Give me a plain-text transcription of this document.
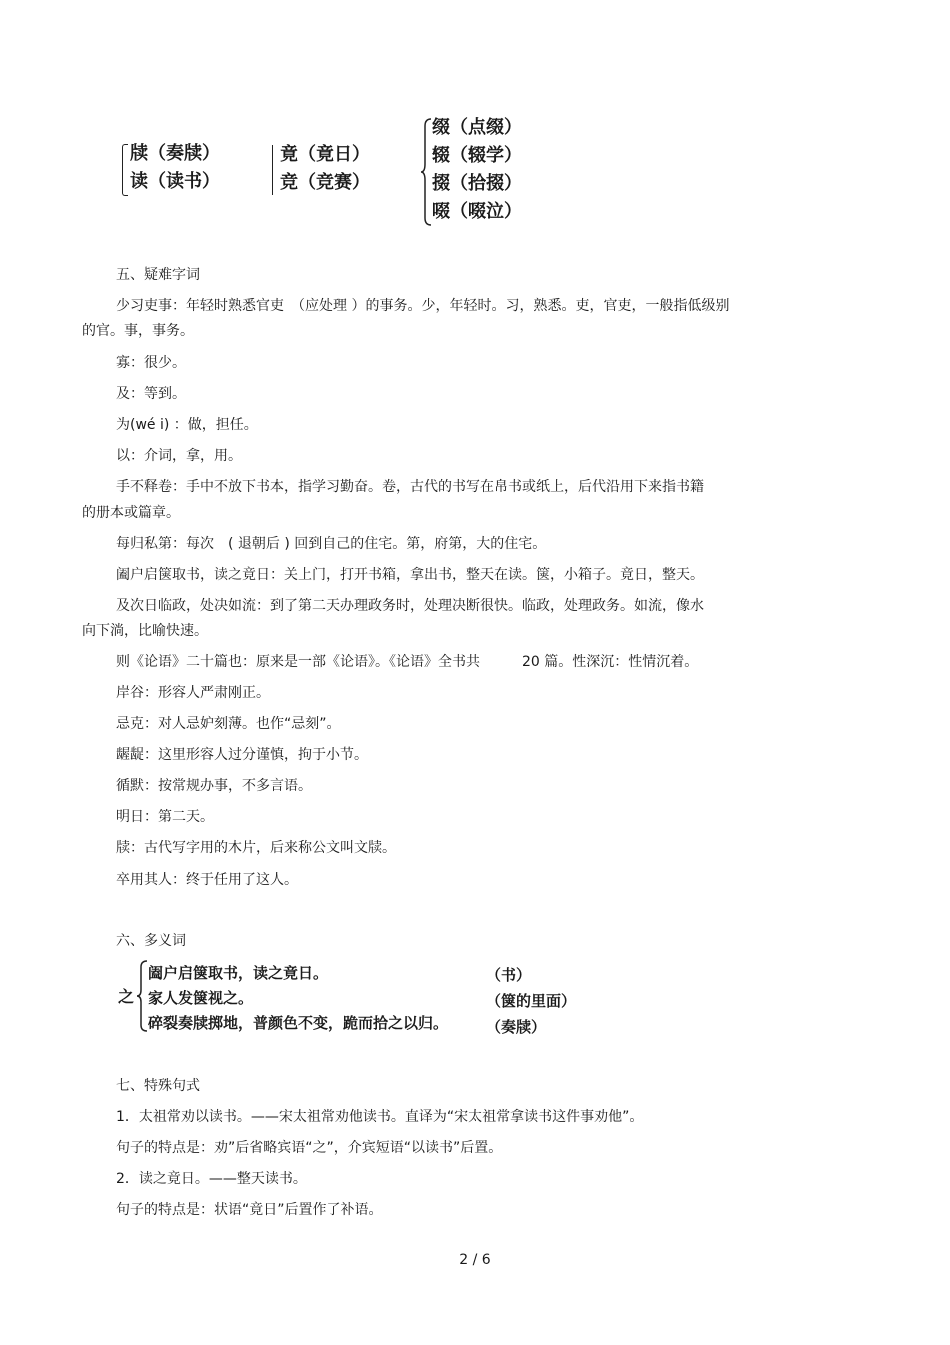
牍（奏牍）
读（读书）
竟（竟日）
竞（竞赛）
缀（点缀）
辍（辍学）
掇（拾掇）
啜（啜泣）
五、疑难字词
少习吏事：年轻时熟悉官吏　（应处理 ）的事务。少，年轻时。习，熟悉。吏，官吏，一般指低级别
的官。事，事务。
寡：很少。
及：等到。
为(wé i) ：做，担任。
以：介词，拿，用。
手不释卷：手中不放下书本，指学习勤奋。卷，古代的书写在帛书或纸上，后代沿用下来指书籍
的册本或篇章。
每归私第：每次　( 退朝后 ) 回到自己的住宅。第，府第，大的住宅。
阖户启箧取书，读之竟日：关上门，打开书箱，拿出书，整天在读。箧，小箱子。竟日，整天。
及次日临政，处决如流：到了第二天办理政务时，处理决断很快。临政，处理政务。如流，像水
向下淌，比喻快速。
则《论语》二十篇也：原来是一部《论语》。《论语》全书共　　　20 篇。性深沉：性情沉着。
岸谷：形容人严肃刚正。
忌克：对人忌妒刻薄。也作“忌刻”。
龌龊：这里形容人过分谨慎，拘于小节。
循默：按常规办事，不多言语。
明日：第二天。
牍：古代写字用的木片，后来称公文叫文牍。
卒用其人：终于任用了这人。
六、多义词
之
阖户启箧取书，读之竟日。	（书）
家人发箧视之。	（箧的里面）
碎裂奏牍掷地，普颜色不变，跪而拾之以归。	（奏牍）
七、特殊句式
1．太祖常劝以读书。——宋太祖常劝他读书。直译为“宋太祖常拿读书这件事劝他”。
句子的特点是：劝”后省略宾语“之”，介宾短语“以读书”后置。
2．读之竟日。——整天读书。
句子的特点是：状语“竟日”后置作了补语。
2 / 6
